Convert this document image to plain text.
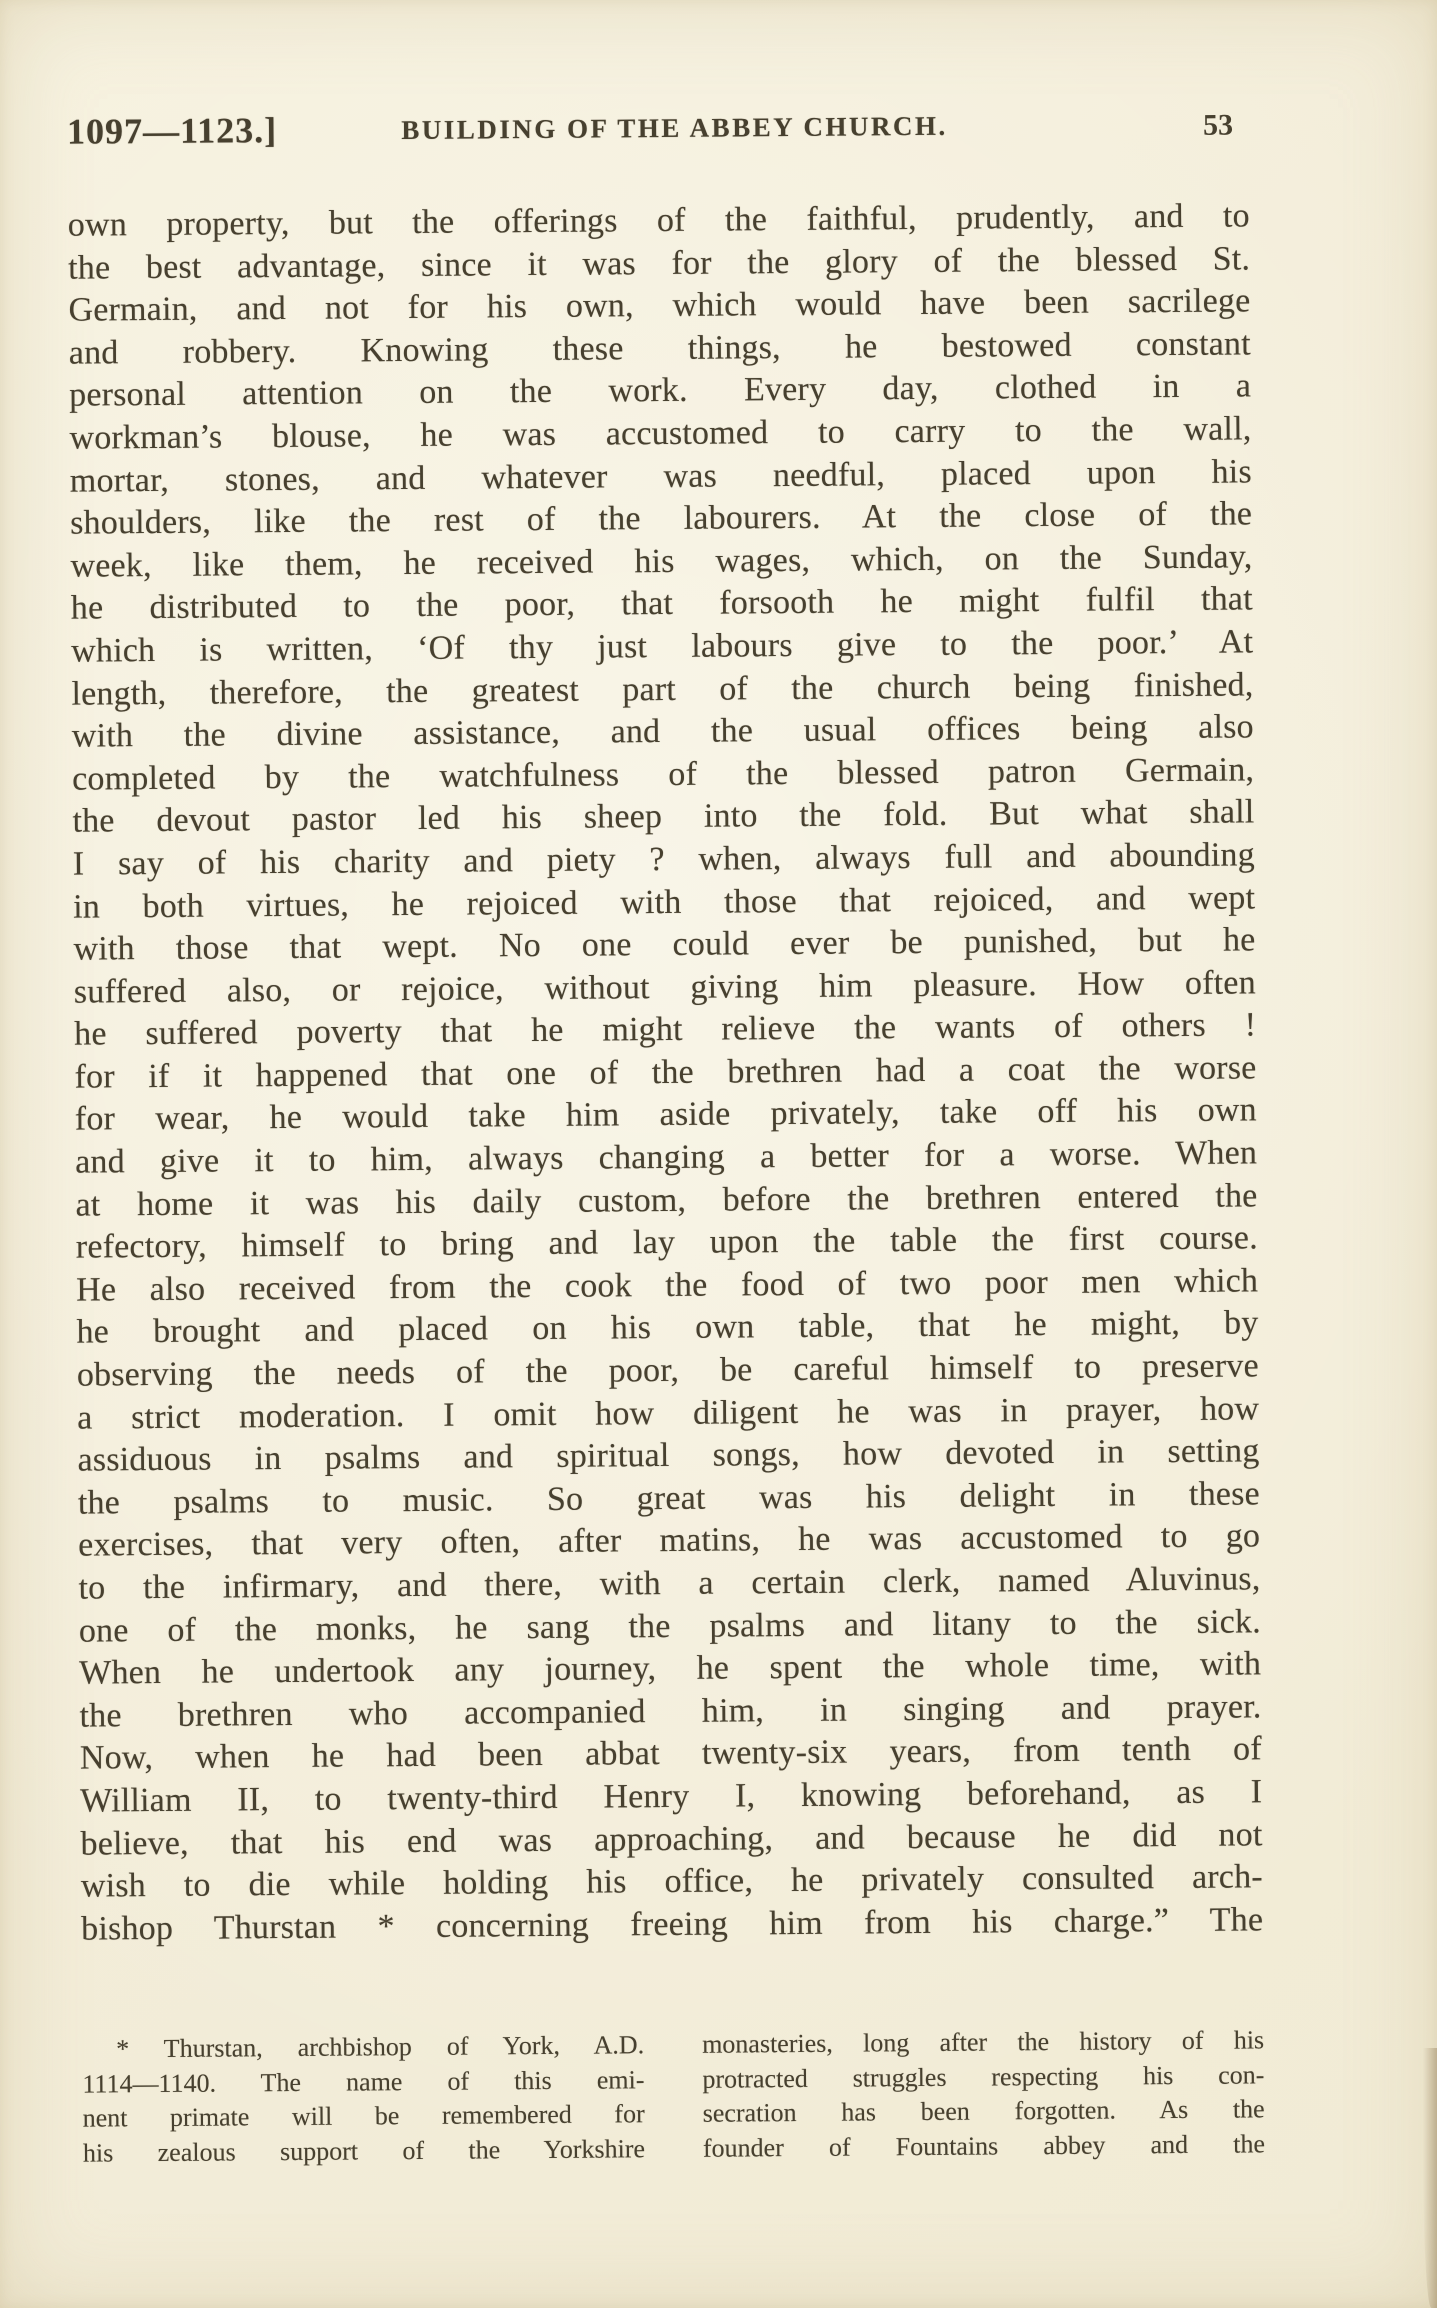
1097—1123.]	BUILDING OF THE ABBEY CHURCH.	53
own property, but the offerings of the faithful, prudently, and to
the best advantage, since it was for the glory of the blessed St.
Germain, and not for his own, which would have been sacrilege
and robbery. Knowing these things, he bestowed constant
personal attention on the work. Every day, clothed in a
workman’s blouse, he was accustomed to carry to the wall,
mortar, stones, and whatever was needful, placed upon his
shoulders, like the rest of the labourers. At the close of the
week, like them, he received his wages, which, on the Sunday,
he distributed to the poor, that forsooth he might fulfil that
which is written, ‘Of thy just labours give to the poor.’ At
length, therefore, the greatest part of the church being finished,
with the divine assistance, and the usual offices being also
completed by the watchfulness of the blessed patron Germain,
the devout pastor led his sheep into the fold. But what shall
I say of his charity and piety ? when, always full and abounding
in both virtues, he rejoiced with those that rejoiced, and wept
with those that wept. No one could ever be punished, but he
suffered also, or rejoice, without giving him pleasure. How often
he suffered poverty that he might relieve the wants of others !
for if it happened that one of the brethren had a coat the worse
for wear, he would take him aside privately, take off his own
and give it to him, always changing a better for a worse. When
at home it was his daily custom, before the brethren entered the
refectory, himself to bring and lay upon the table the first course.
He also received from the cook the food of two poor men which
he brought and placed on his own table, that he might, by
observing the needs of the poor, be careful himself to preserve
a strict moderation. I omit how diligent he was in prayer, how
assiduous in psalms and spiritual songs, how devoted in setting
the psalms to music. So great was his delight in these
exercises, that very often, after matins, he was accustomed to go
to the infirmary, and there, with a certain clerk, named Aluvinus,
one of the monks, he sang the psalms and litany to the sick.
When he undertook any journey, he spent the whole time, with
the brethren who accompanied him, in singing and prayer.
Now, when he had been abbat twenty-six years, from tenth of
William II, to twenty-third Henry I, knowing beforehand, as I
believe, that his end was approaching, and because he did not
wish to die while holding his office, he privately consulted arch-
bishop Thurstan * concerning freeing him from his charge.” The
* Thurstan, archbishop of York, A.D.
1114—1140. The name of this emi-
nent primate will be remembered for
his zealous support of the Yorkshire
monasteries, long after the history of his
protracted struggles respecting his con-
secration has been forgotten. As the
founder of Fountains abbey and the
